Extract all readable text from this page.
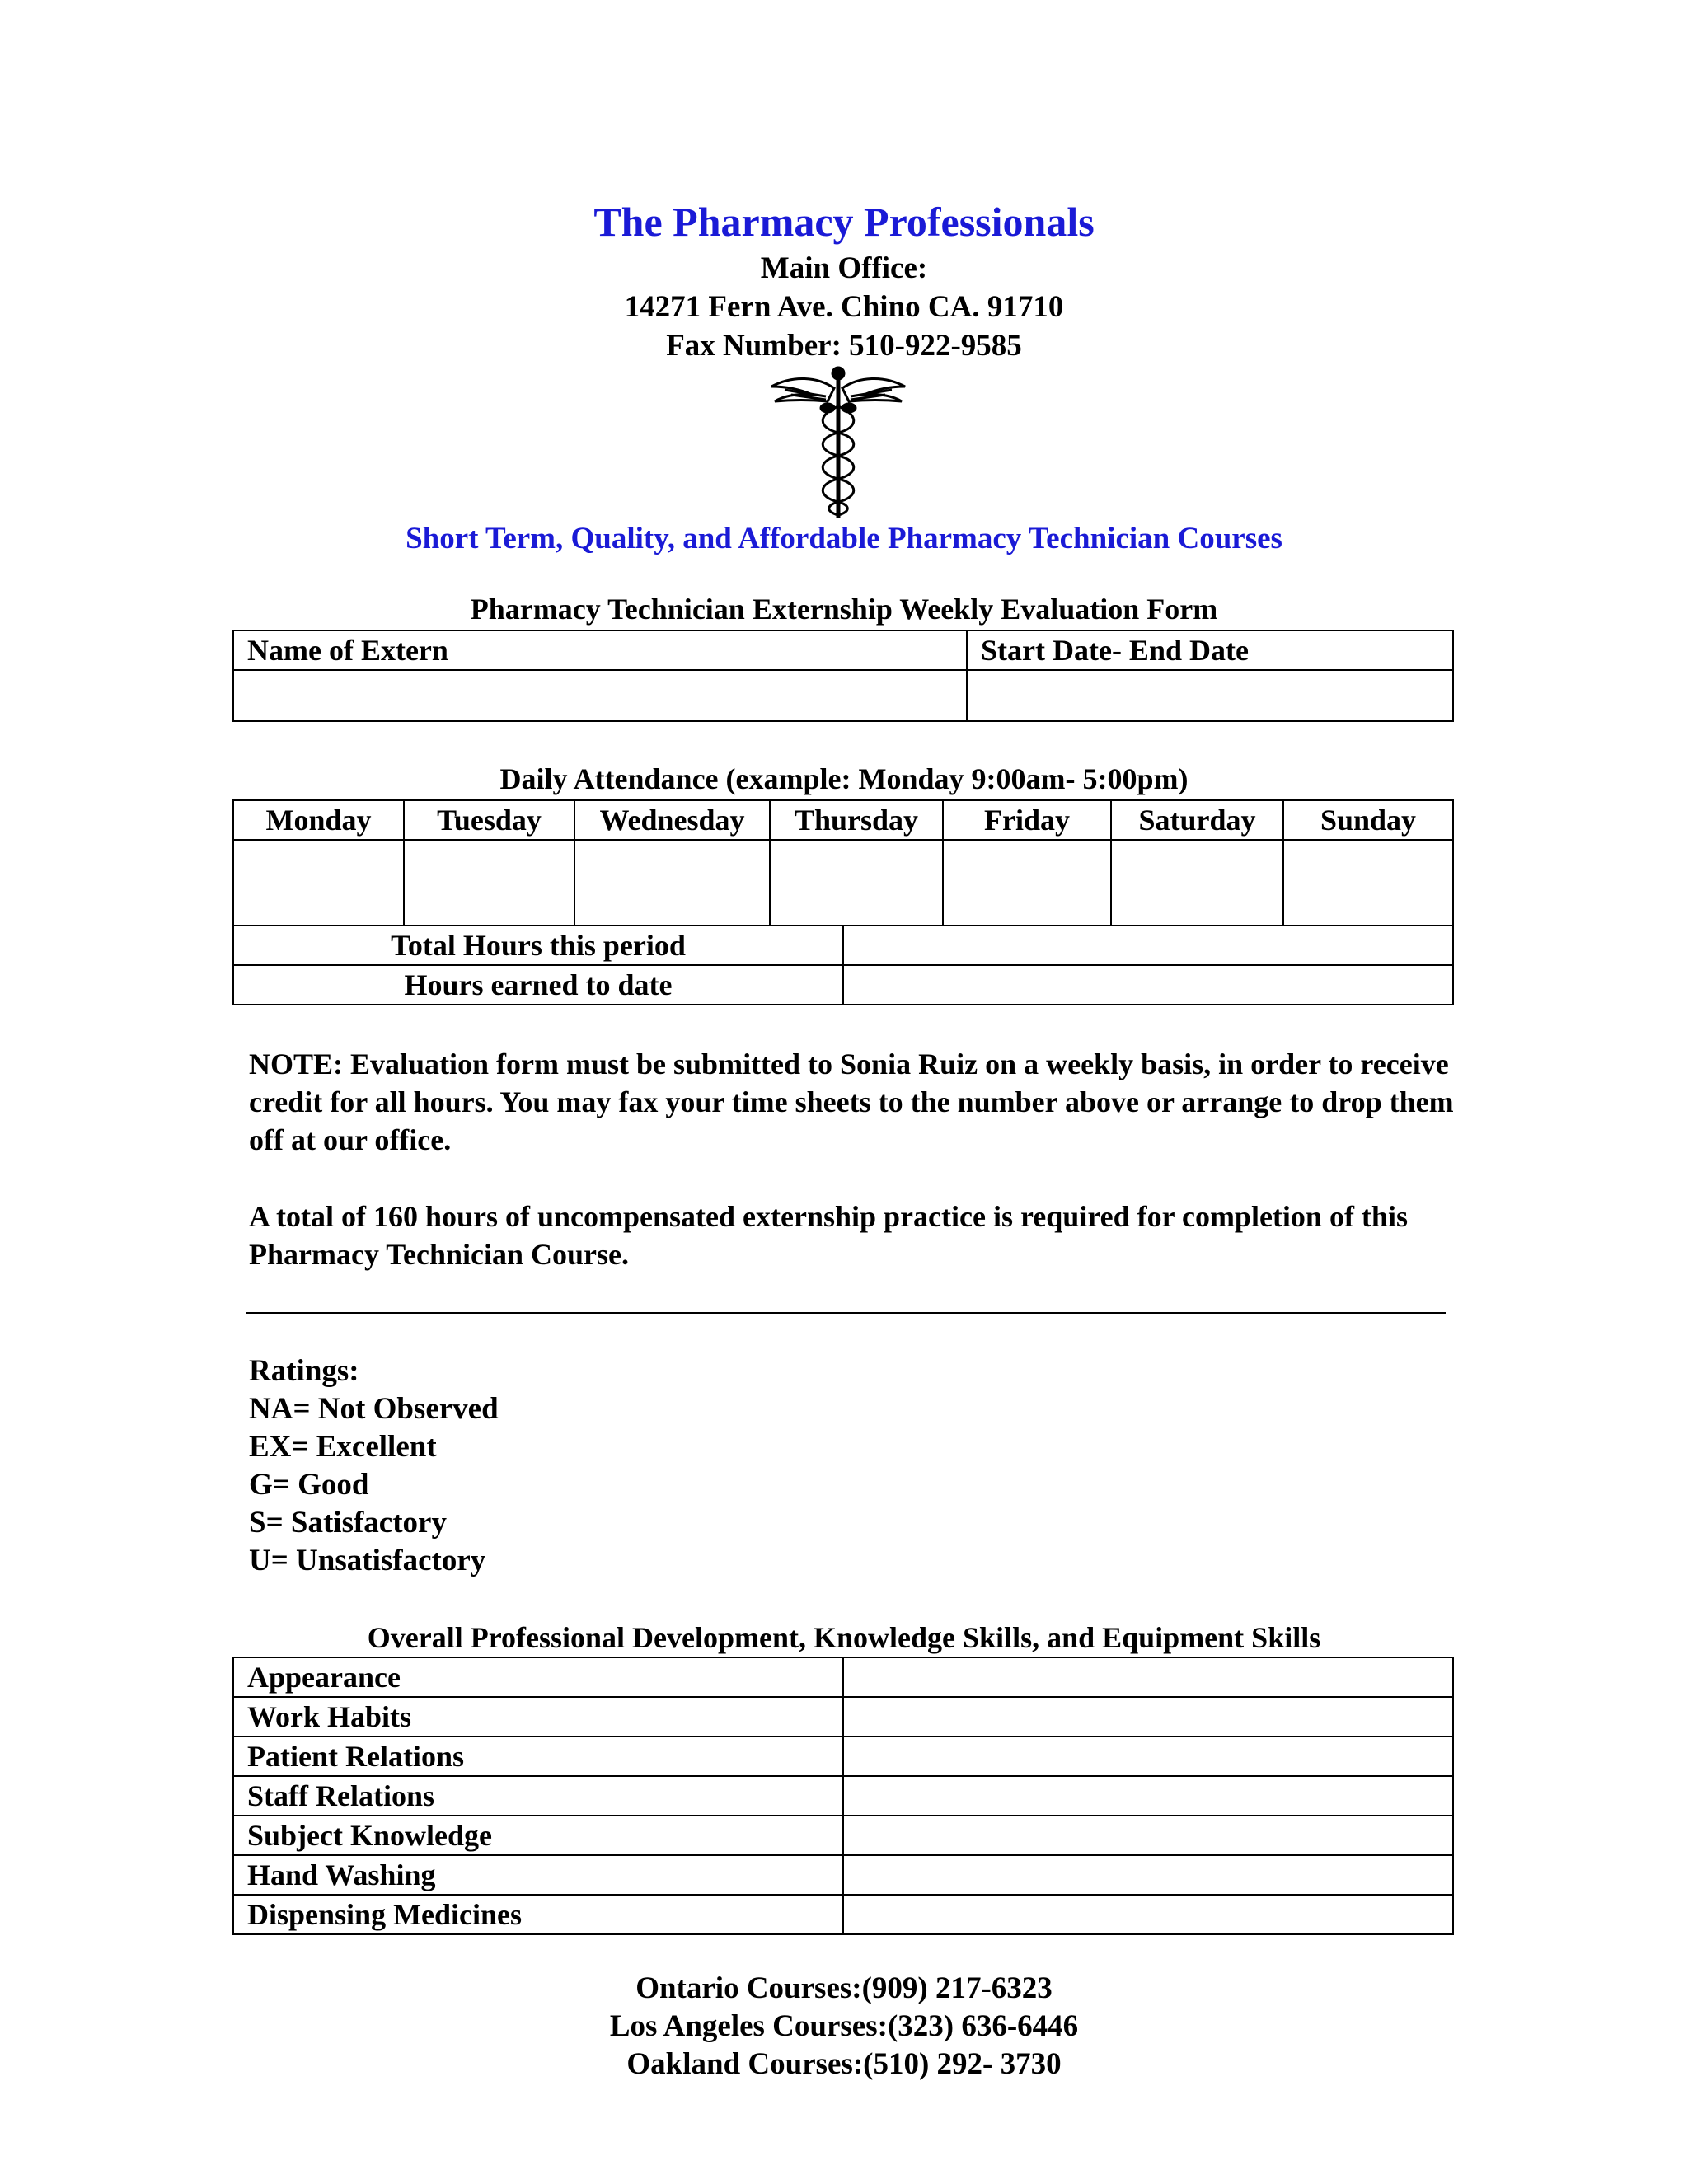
The Pharmacy Professionals
Main Office:
14271 Fern Ave. Chino CA. 91710
Fax Number: 510-922-9585
Short Term, Quality, and Affordable Pharmacy Technician Courses
Pharmacy Technician Externship Weekly Evaluation Form
Name of Extern	Start Date- End Date

Daily Attendance (example: Monday 9:00am- 5:00pm)
Monday	Tuesday	Wednesday	Thursday	Friday	Saturday	Sunday

Total Hours this period	
Hours earned to date	
NOTE: Evaluation form must be submitted to Sonia Ruiz on a weekly basis, in order to receive credit for all hours. You may fax your time sheets to the number above or arrange to drop them off at our office.
A total of 160 hours of uncompensated externship practice is required for completion of this Pharmacy Technician Course.
Ratings:
NA= Not Observed
EX= Excellent
G= Good
S= Satisfactory
U= Unsatisfactory
Overall Professional Development, Knowledge Skills, and Equipment Skills
Appearance	
Work Habits	
Patient Relations	
Staff Relations	
Subject Knowledge	
Hand Washing	
Dispensing Medicines	
Ontario Courses:(909) 217-6323
Los Angeles Courses:(323) 636-6446
Oakland Courses:(510) 292- 3730
